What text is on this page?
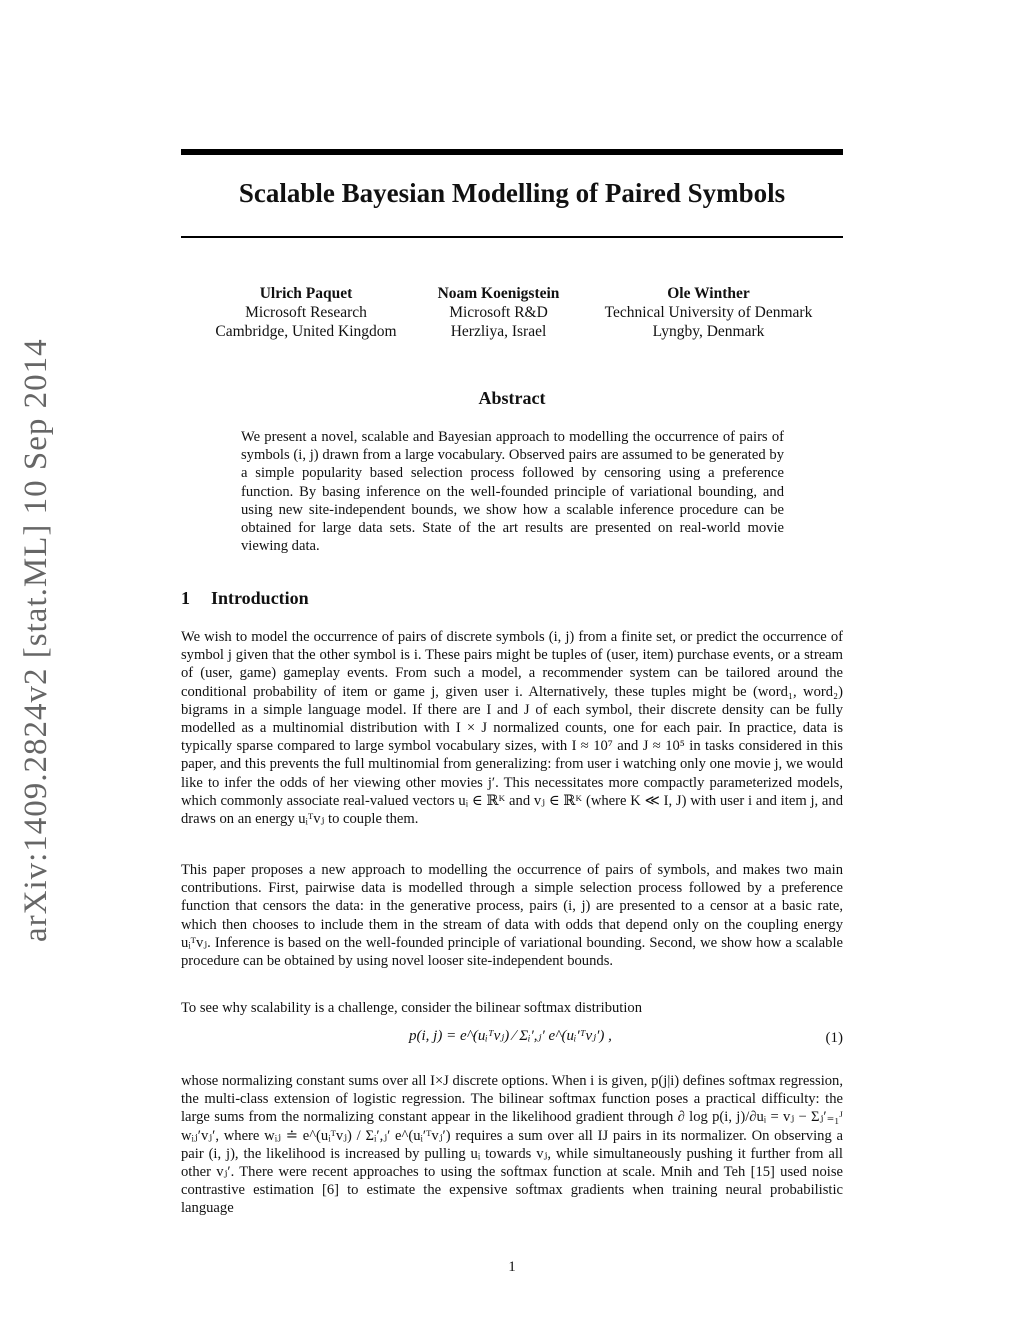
arXiv:1409.2824v2 [stat.ML] 10 Sep 2014
Scalable Bayesian Modelling of Paired Symbols
Ulrich Paquet
Microsoft Research
Cambridge, United Kingdom
Noam Koenigstein
Microsoft R&D
Herzliya, Israel
Ole Winther
Technical University of Denmark
Lyngby, Denmark
Abstract
We present a novel, scalable and Bayesian approach to modelling the occurrence of pairs of symbols (i, j) drawn from a large vocabulary. Observed pairs are assumed to be generated by a simple popularity based selection process followed by censoring using a preference function. By basing inference on the well-founded principle of variational bounding, and using new site-independent bounds, we show how a scalable inference procedure can be obtained for large data sets. State of the art results are presented on real-world movie viewing data.
1 Introduction
We wish to model the occurrence of pairs of discrete symbols (i, j) from a finite set, or predict the occurrence of symbol j given that the other symbol is i. These pairs might be tuples of (user, item) purchase events, or a stream of (user, game) gameplay events. From such a model, a recommender system can be tailored around the conditional probability of item or game j, given user i. Alternatively, these tuples might be (word₁, word₂) bigrams in a simple language model. If there are I and J of each symbol, their discrete density can be fully modelled as a multinomial distribution with I × J normalized counts, one for each pair. In practice, data is typically sparse compared to large symbol vocabulary sizes, with I ≈ 10⁷ and J ≈ 10⁵ in tasks considered in this paper, and this prevents the full multinomial from generalizing: from user i watching only one movie j, we would like to infer the odds of her viewing other movies j′. This necessitates more compactly parameterized models, which commonly associate real-valued vectors uᵢ ∈ ℝᴷ and vⱼ ∈ ℝᴷ (where K ≪ I, J) with user i and item j, and draws on an energy uᵢᵀvⱼ to couple them.
This paper proposes a new approach to modelling the occurrence of pairs of symbols, and makes two main contributions. First, pairwise data is modelled through a simple selection process followed by a preference function that censors the data: in the generative process, pairs (i, j) are presented to a censor at a basic rate, which then chooses to include them in the stream of data with odds that depend only on the coupling energy uᵢᵀvⱼ. Inference is based on the well-founded principle of variational bounding. Second, we show how a scalable procedure can be obtained by using novel looser site-independent bounds.
To see why scalability is a challenge, consider the bilinear softmax distribution
p(i, j) = e^(uᵢᵀvⱼ) ∕ Σᵢ′,ⱼ′ e^(uᵢ′ᵀvⱼ′) ,	(1)
whose normalizing constant sums over all I×J discrete options. When i is given, p(j|i) defines softmax regression, the multi-class extension of logistic regression. The bilinear softmax function poses a practical difficulty: the large sums from the normalizing constant appear in the likelihood gradient through ∂ log p(i, j)/∂uᵢ = vⱼ − Σⱼ′₌₁ᴶ wᵢⱼ′vⱼ′, where wᵢⱼ ≐ e^(uᵢᵀvⱼ) / Σᵢ′,ⱼ′ e^(uᵢ′ᵀvⱼ′) requires a sum over all IJ pairs in its normalizer. On observing a pair (i, j), the likelihood is increased by pulling uᵢ towards vⱼ, while simultaneously pushing it further from all other vⱼ′. There were recent approaches to using the softmax function at scale. Mnih and Teh [15] used noise contrastive estimation [6] to estimate the expensive softmax gradients when training neural probabilistic language
1
